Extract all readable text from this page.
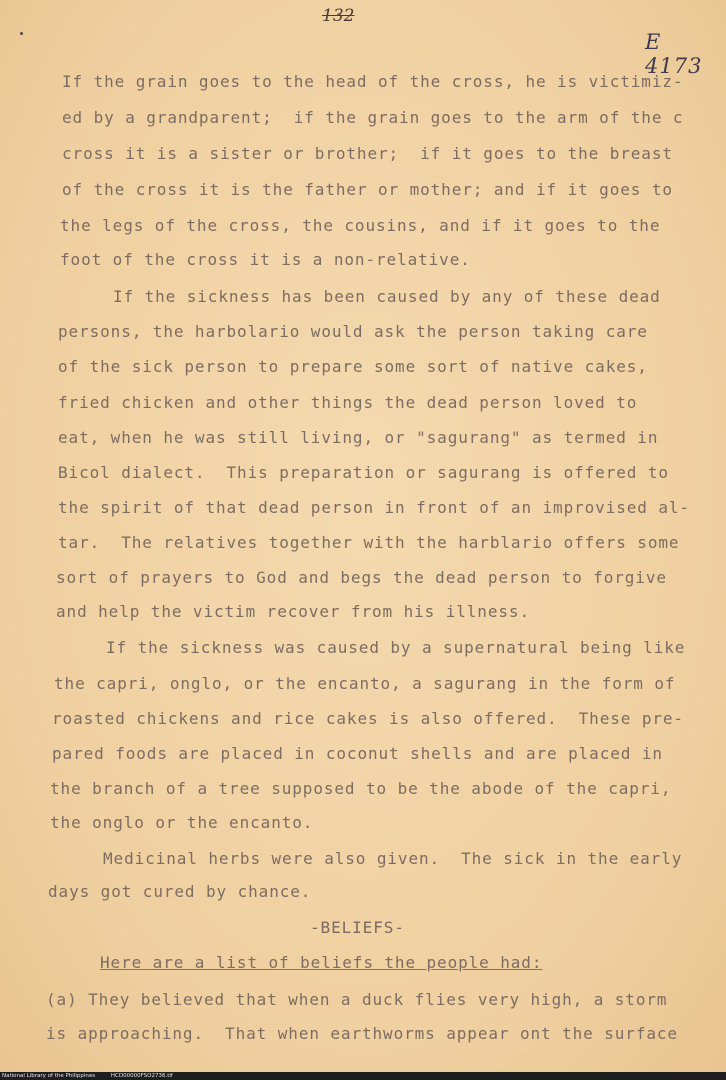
132
E 4173
If the grain goes to the head of the cross, he is victimiz-
ed by a grandparent;  if the grain goes to the arm of the c
cross it is a sister or brother;  if it goes to the breast
of the cross it is the father or mother; and if it goes to
the legs of the cross, the cousins, and if it goes to the
foot of the cross it is a non-relative.
If the sickness has been caused by any of these dead
persons, the harbolario would ask the person taking care
of the sick person to prepare some sort of native cakes,
fried chicken and other things the dead person loved to
eat, when he was still living, or "sagurang" as termed in
Bicol dialect.  This preparation or sagurang is offered to
the spirit of that dead person in front of an improvised al-
tar.  The relatives together with the harblario offers some
sort of prayers to God and begs the dead person to forgive
and help the victim recover from his illness.
If the sickness was caused by a supernatural being like
the capri, onglo, or the encanto, a sagurang in the form of
roasted chickens and rice cakes is also offered.  These pre-
pared foods are placed in coconut shells and are placed in
the branch of a tree supposed to be the abode of the capri,
the onglo or the encanto.
Medicinal herbs were also given.  The sick in the early
days got cured by chance.
-BELIEFS-
Here are a list of beliefs the people had:
(a) They believed that when a duck flies very high, a storm
is approaching.  That when earthworms appear ont the surface
National Library of the Philippines	HCD00000FSO2736.tif
